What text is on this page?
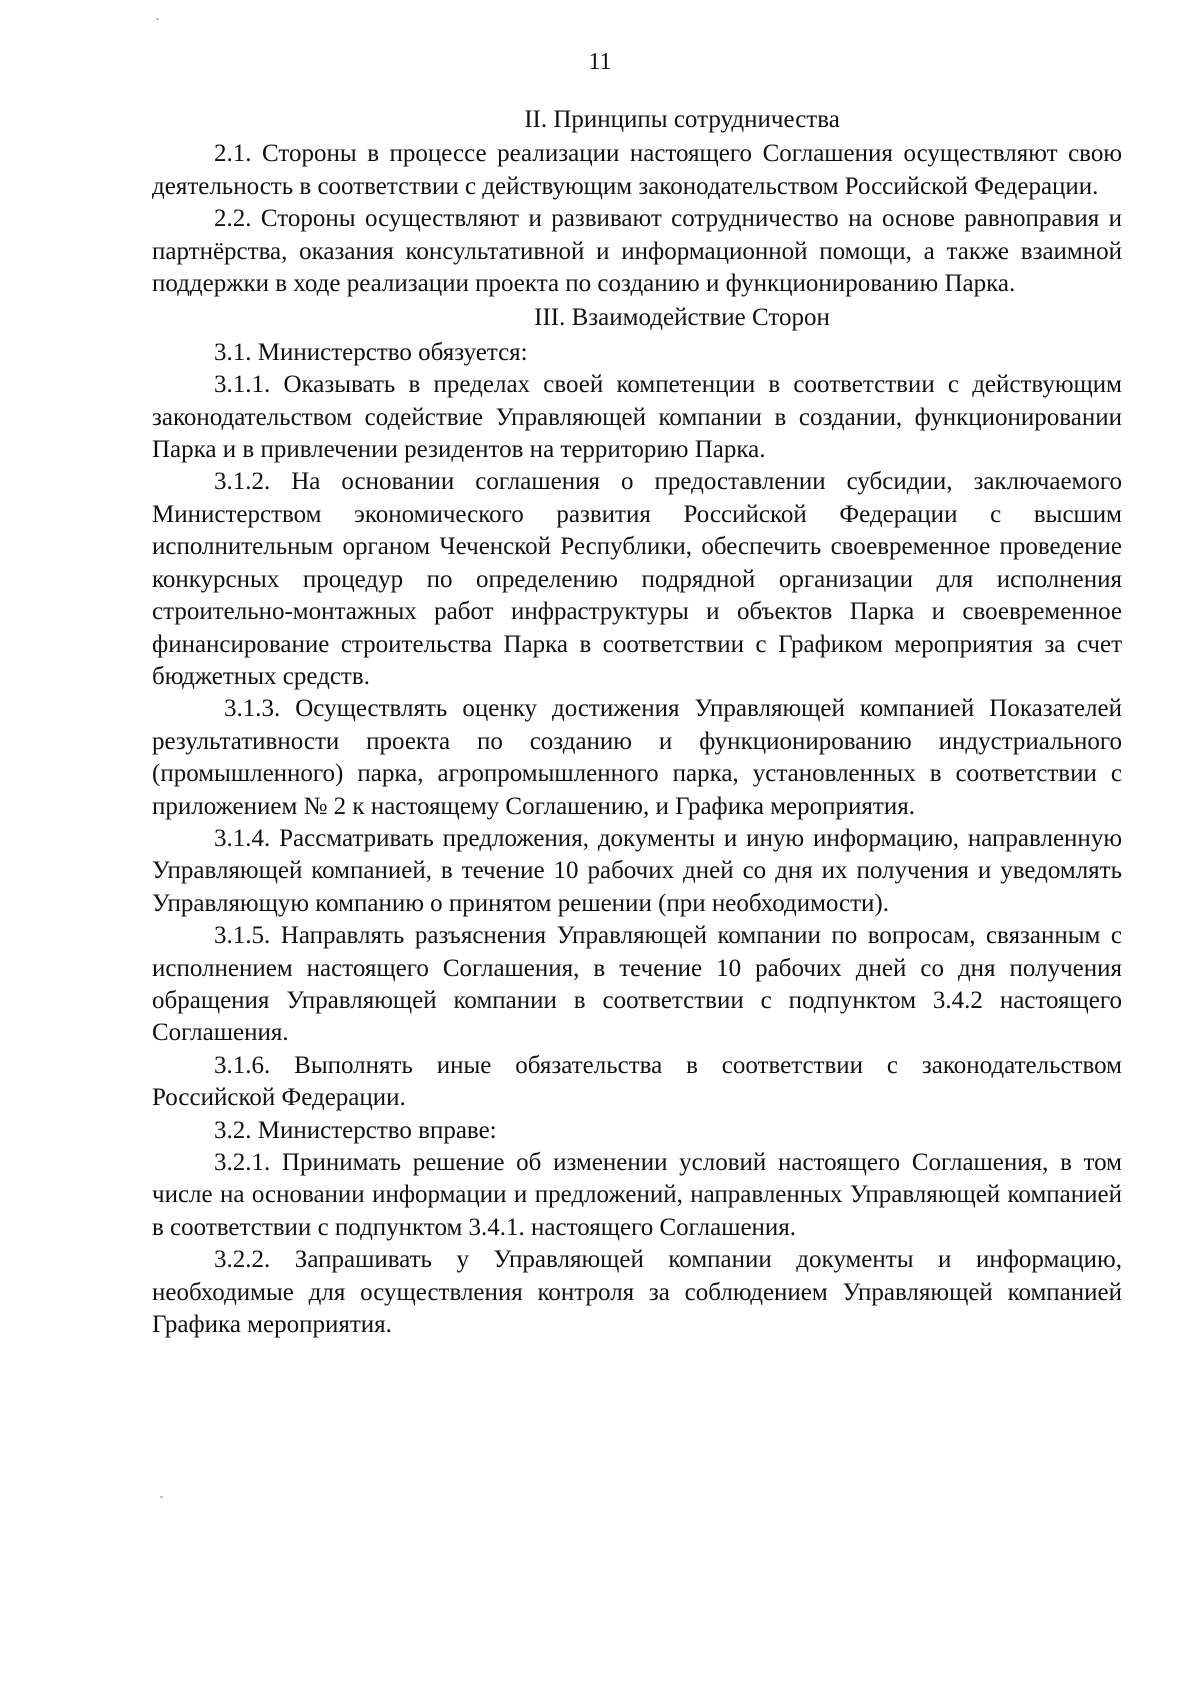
11
II. Принципы сотрудничества

2.1. Стороны в процессе реализации настоящего Соглашения осуществляют свою деятельность в соответствии с действующим законодательством Российской Федерации.

2.2. Стороны осуществляют и развивают сотрудничество на основе равноправия и партнёрства, оказания консультативной и информационной помощи, а также взаимной поддержки в ходе реализации проекта по созданию и функционированию Парка.

III. Взаимодействие Сторон

3.1. Министерство обязуется:

3.1.1. Оказывать в пределах своей компетенции в соответствии с действующим законодательством содействие Управляющей компании в создании, функционировании Парка и в привлечении резидентов на территорию Парка.

3.1.2. На основании соглашения о предоставлении субсидии, заключаемого Министерством экономического развития Российской Федерации с высшим исполнительным органом Чеченской Республики, обеспечить своевременное проведение конкурсных процедур по определению подрядной организации для исполнения строительно-монтажных работ инфраструктуры и объектов Парка и своевременное финансирование строительства Парка в соответствии с Графиком мероприятия за счет бюджетных средств.

3.1.3. Осуществлять оценку достижения Управляющей компанией Показателей результативности проекта по созданию и функционированию индустриального (промышленного) парка, агропромышленного парка, установленных в соответствии с приложением № 2 к настоящему Соглашению, и Графика мероприятия.

3.1.4. Рассматривать предложения, документы и иную информацию, направленную Управляющей компанией, в течение 10 рабочих дней со дня их получения и уведомлять Управляющую компанию о принятом решении (при необходимости).

3.1.5. Направлять разъяснения Управляющей компании по вопросам, связанным с исполнением настоящего Соглашения, в течение 10 рабочих дней со дня получения обращения Управляющей компании в соответствии с подпунктом 3.4.2 настоящего Соглашения.

3.1.6. Выполнять иные обязательства в соответствии с законодательством Российской Федерации.

3.2. Министерство вправе:

3.2.1. Принимать решение об изменении условий настоящего Соглашения, в том числе на основании информации и предложений, направленных Управляющей компанией в соответствии с подпунктом 3.4.1. настоящего Соглашения.

3.2.2. Запрашивать у Управляющей компании документы и информацию, необходимые для осуществления контроля за соблюдением Управляющей компанией Графика мероприятия.
